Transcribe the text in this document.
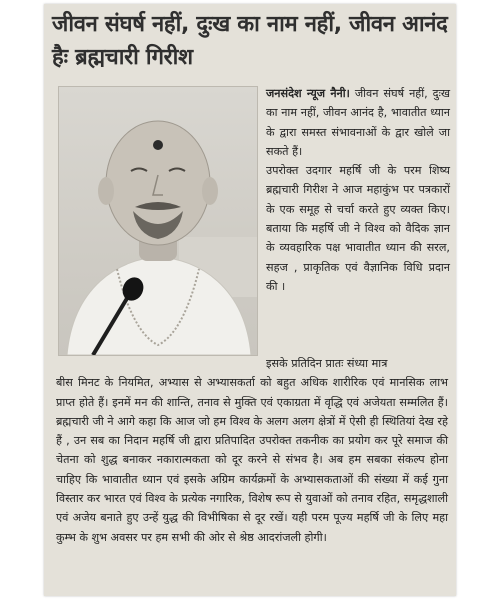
जीवन संघर्ष नहीं, दुःख का नाम नहीं, जीवन आनंद हैः ब्रह्मचारी गिरीश

जनसंदेश न्यूज नैनी। जीवन संघर्ष नहीं, दुःख का नाम नहीं, जीवन आनंद है, भावातीत ध्यान के द्वारा समस्त संभावनाओं के द्वार खोले जा सकते हैं।

उपरोक्त उदगार महर्षि जी के परम शिष्य ब्रह्मचारी गिरीश ने आज महाकुंभ पर पत्रकारों के एक समूह से चर्चा करते हुए व्यक्त किए। बताया कि महर्षि जी ने विश्व को वैदिक ज्ञान के व्यवहारिक पक्ष भावातीत ध्यान की सरल, सहज , प्राकृतिक एवं वैज्ञानिक विधि प्रदान की ।

इसके प्रतिदिन प्रातः संध्या मात्र

बीस मिनट के नियमित, अभ्यास से अभ्यासकर्ता को बहुत अधिक शारीरिक एवं मानसिक लाभ प्राप्त होते हैं। इनमें मन की शान्ति, तनाव से मुक्ति एवं एकाग्रता में वृद्धि एवं अजेयता सम्मलित हैं। ब्रह्मचारी जी ने आगे कहा कि आज जो हम विश्व के अलग अलग क्षेत्रों में ऐसी ही स्थितियां देख रहे हैं , उन सब का निदान महर्षि जी द्वारा प्रतिपादित उपरोक्त तकनीक का प्रयोग कर पूरे समाज की चेतना को शुद्ध बनाकर नकारात्मकता को दूर करने से संभव है। अब हम सबका संकल्प होना चाहिए कि भावातीत ध्यान एवं इसके अग्रिम कार्यक्रमों के अभ्यासकताओं की संख्या में कई गुना विस्तार कर भारत एवं विश्व के प्रत्येक नगारिक, विशेष रूप से युवाओं को तनाव रहित, समृद्धशाली एवं अजेय बनाते हुए उन्हें युद्ध की विभीषिका से दूर रखें। यही परम पूज्य महर्षि जी के लिए महा कुम्भ के शुभ अवसर पर हम सभी की ओर से श्रेष्ठ आदरांजली होगी।
